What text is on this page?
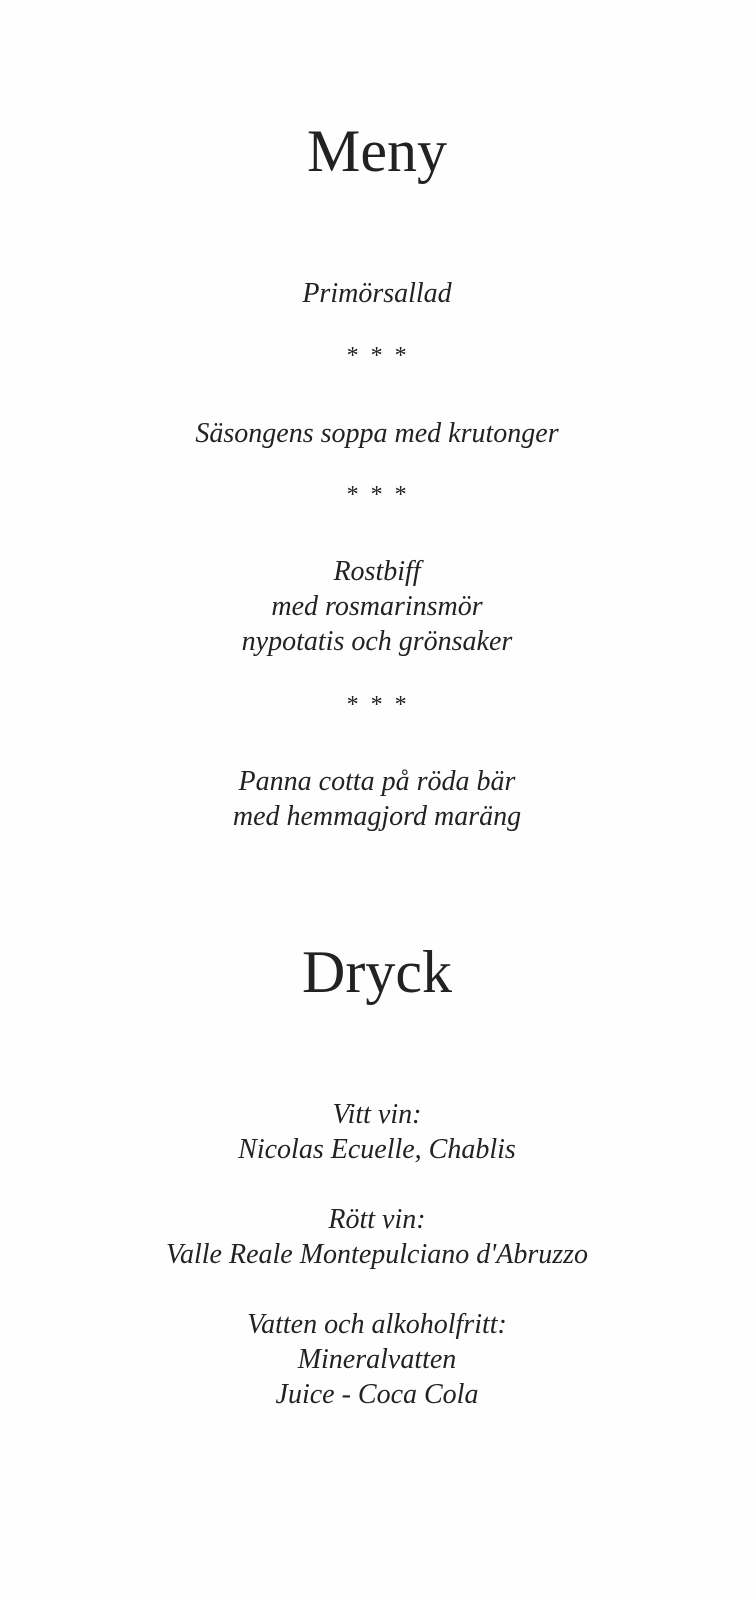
Meny
Primörsallad
* * *
Säsongens soppa med krutonger
* * *
Rostbiff
med rosmarinsmör
nypotatis och grönsaker
* * *
Panna cotta på röda bär
med hemmagjord maräng
Dryck
Vitt vin:
Nicolas Ecuelle, Chablis
Rött vin:
Valle Reale Montepulciano d'Abruzzo
Vatten och alkoholfritt:
Mineralvatten
Juice - Coca Cola
